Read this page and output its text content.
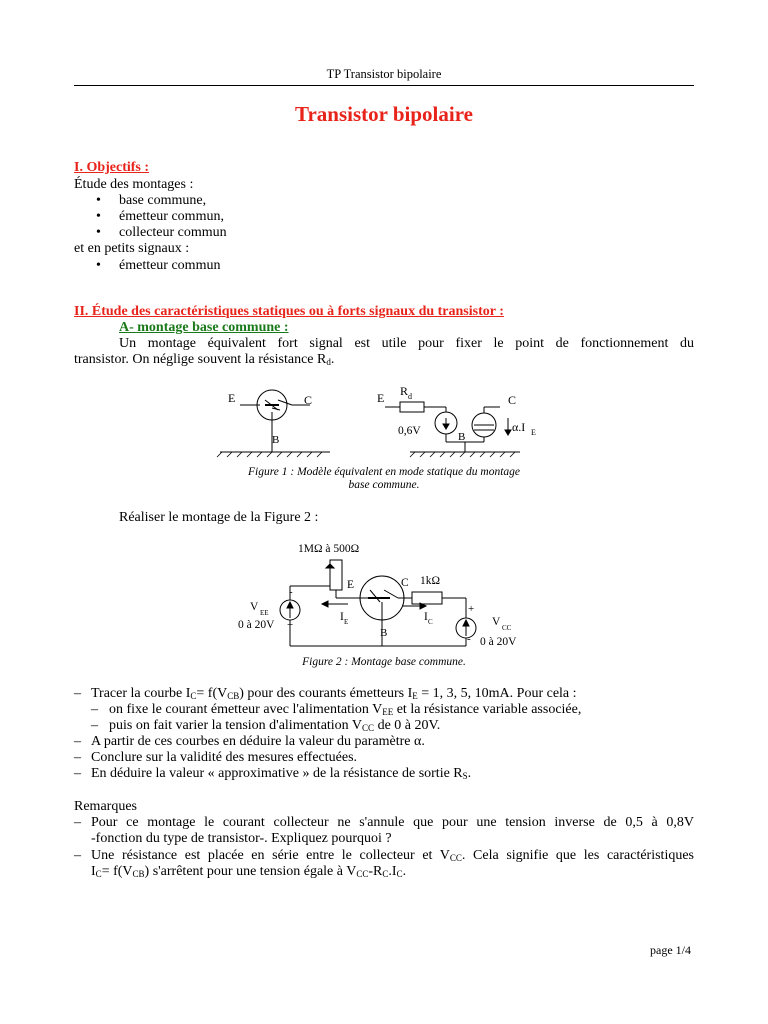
TP Transistor bipolaire
Transistor bipolaire
I. Objectifs :
Étude des montages :
• base commune,
• émetteur commun,
• collecteur commun
et en petits signaux :
• émetteur commun
II. Étude des caractéristiques statiques ou à forts signaux du transistor :
A- montage base commune :
Un montage équivalent fort signal est utile pour fixer le point de fonctionnement du
transistor. On néglige souvent la résistance $R_d$.
E	C
B
E R d	C
0,6V	B
α.I E
Figure 1 : Modèle équivalent en mode statique du montage
base commune.
Réaliser le montage de la Figure 2 :
1MΩ à 500Ω
E	C
B
1kΩ
-
+
V EE
0 à 20V
I E	I C
+
-
V CC
0 à 20V
Figure 2 : Montage base commune.
– Tracer la courbe $I_C= f(V_{CB})$ pour des courants émetteurs $I_E = 1$, 3, 5, 10mA. Pour cela :
– on fixe le courant émetteur avec l'alimentation $V_{EE}$ et la résistance variable associée,
– puis on fait varier la tension d'alimentation $V_{CC}$ de 0 à 20V.
– A partir de ces courbes en déduire la valeur du paramètre α.
– Conclure sur la validité des mesures effectuées.
– En déduire la valeur « approximative » de la résistance de sortie $R_S$.
Remarques
– Pour ce montage le courant collecteur ne s'annule que pour une tension inverse de 0,5 à 0,8V
-fonction du type de transistor-. Expliquez pourquoi ?
– Une résistance est placée en série entre le collecteur et $V_{CC}$. Cela signifie que les caractéristiques
$I_C= f(V_{CB})$ s'arrêtent pour une tension égale à $V_{CC}-R_C.I_C$.
page 1/4
